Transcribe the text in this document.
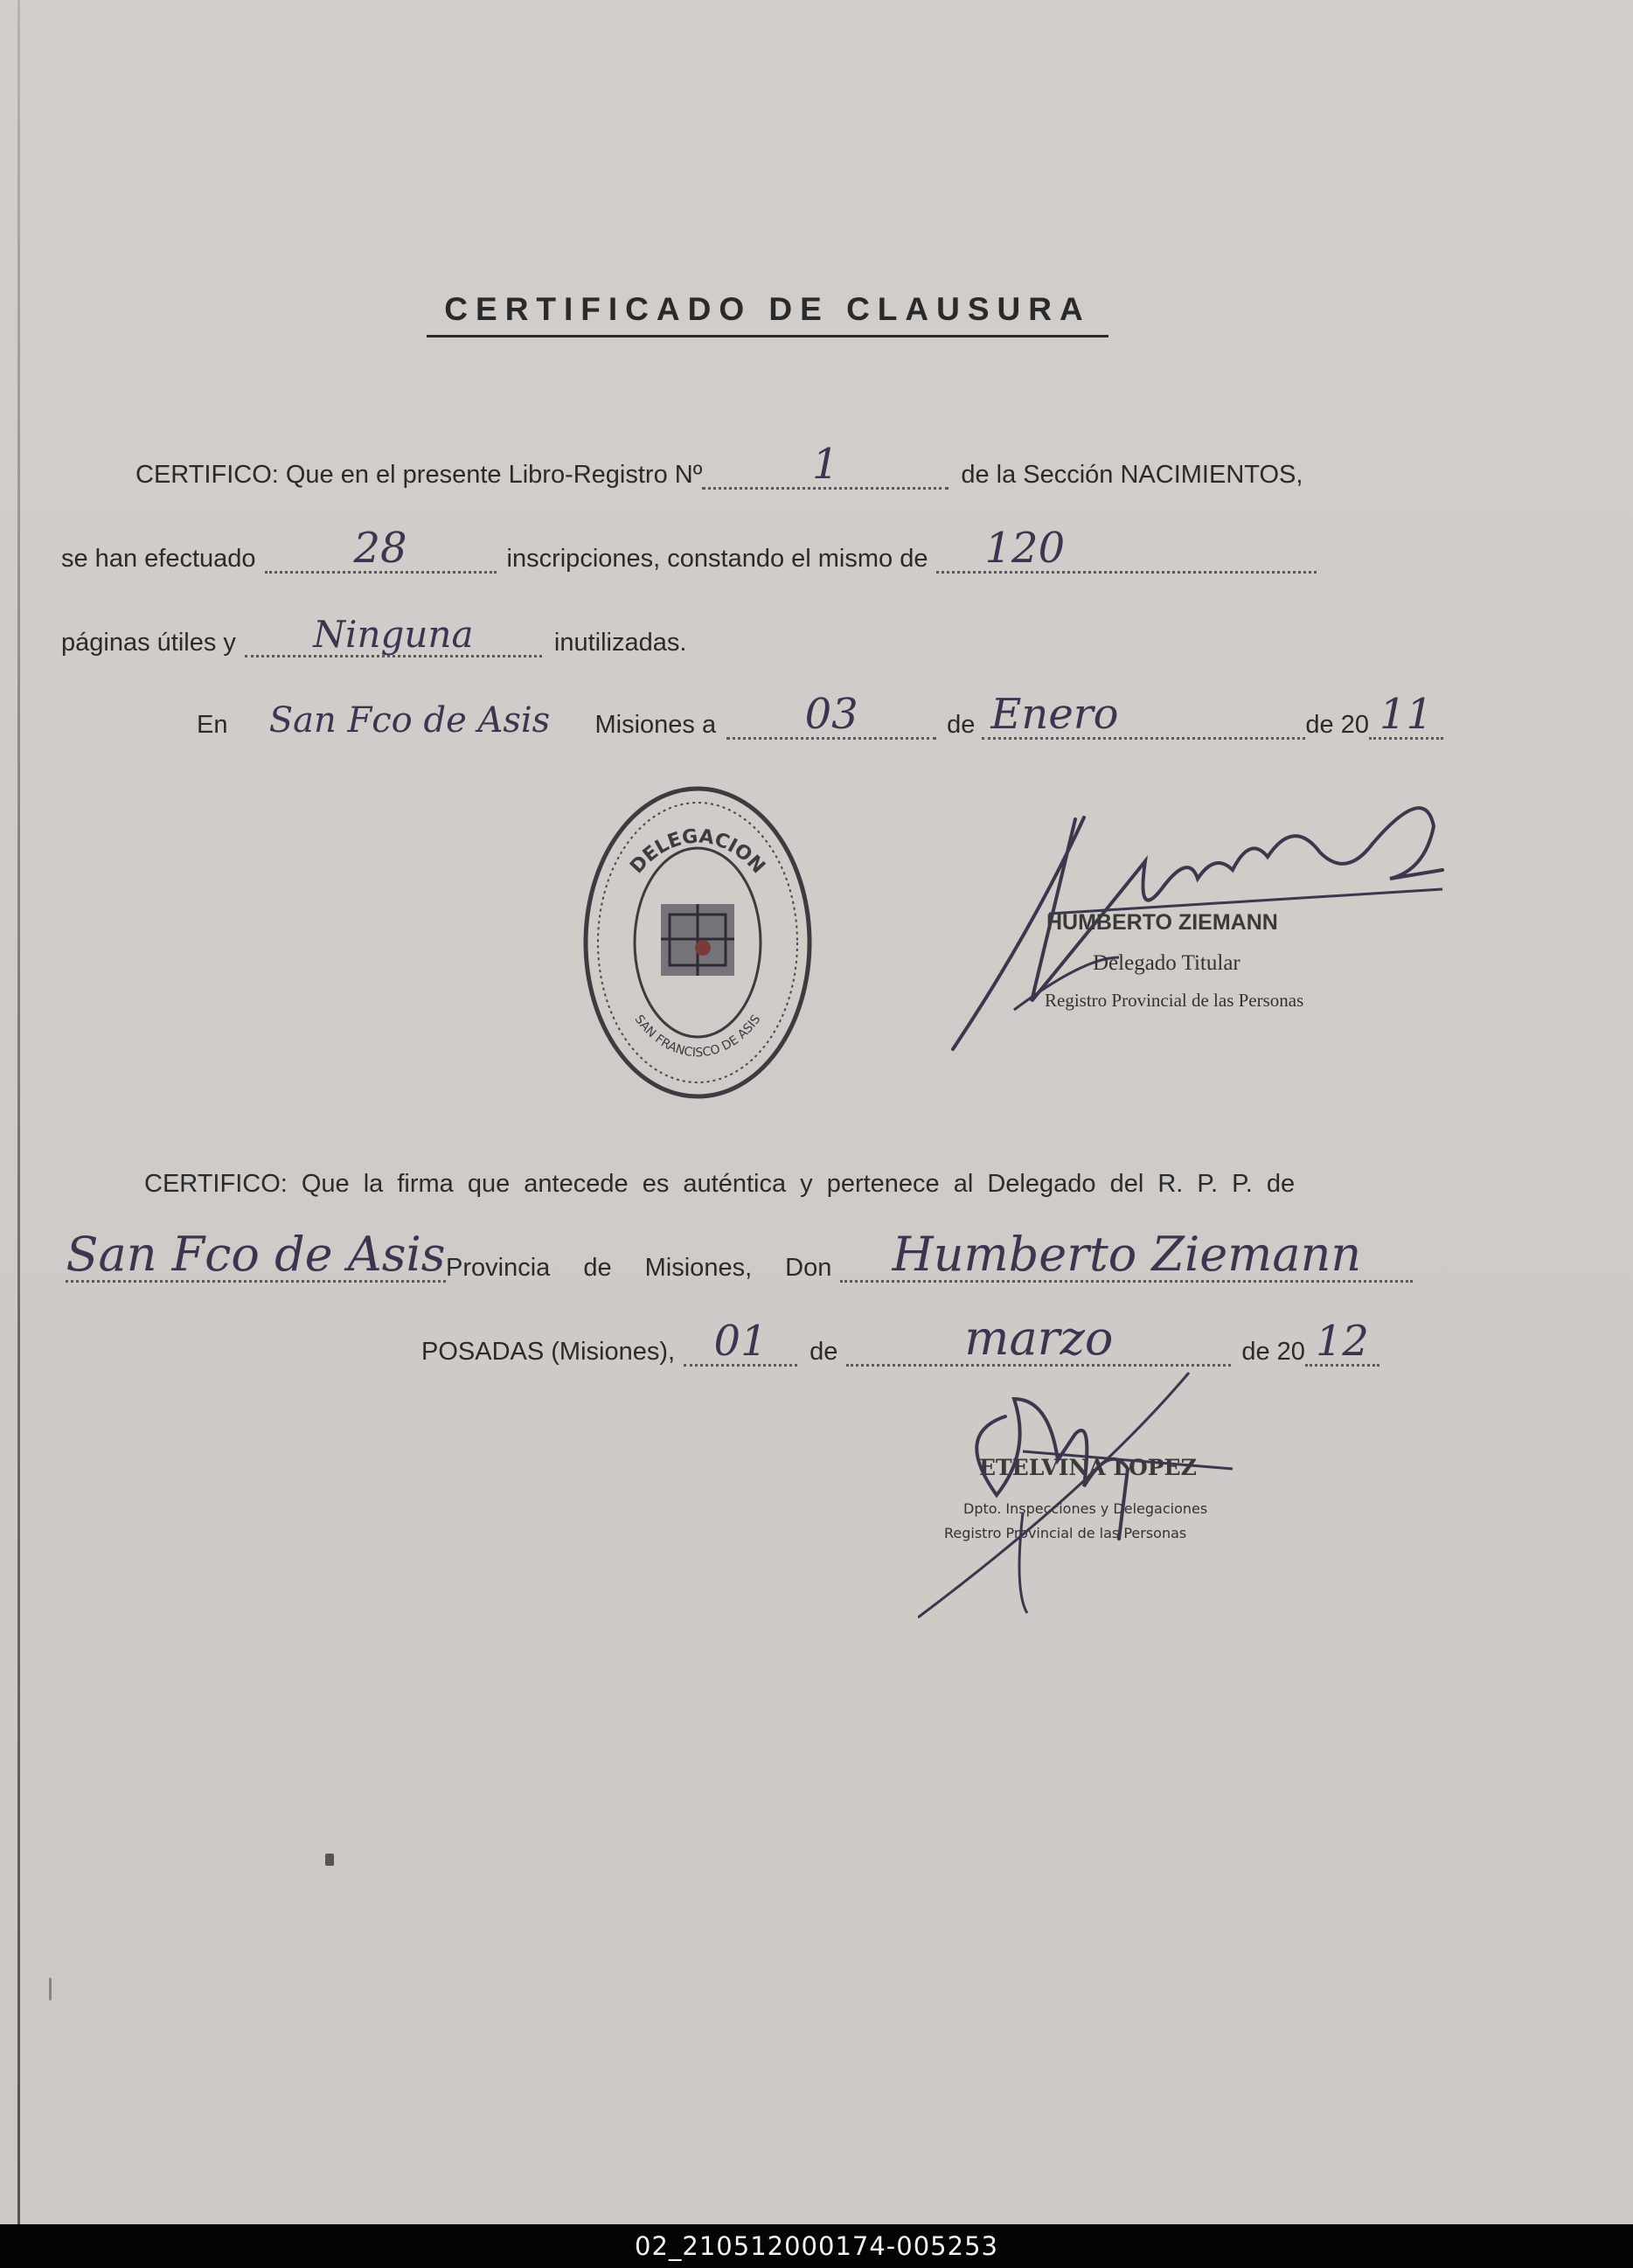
CERTIFICADO DE CLAUSURA
CERTIFICO: Que en el presente Libro-Registro Nº	1	de la Sección NACIMIENTOS,
se han efectuado	28	inscripciones, constando el mismo de	120
páginas útiles y	Ninguna	inutilizadas.
En	San Fco de Asis	Misiones a	03	de Enero	de 20 11
DELEGACION
SAN FRANCISCO DE ASIS
HUMBERTO ZIEMANN
Delegado Titular
Registro Provincial de las Personas
CERTIFICO: Que la firma que antecede es auténtica y pertenece al Delegado del R. P. P. de
San Fco de Asis Provincia de Misiones, Don	Humberto Ziemann
POSADAS (Misiones), 01	de	marzo	de 20 12
ETELVINA LOPEZ
Dpto. Inspecciones y Delegaciones
Registro Provincial de las Personas
02_210512000174-005253
